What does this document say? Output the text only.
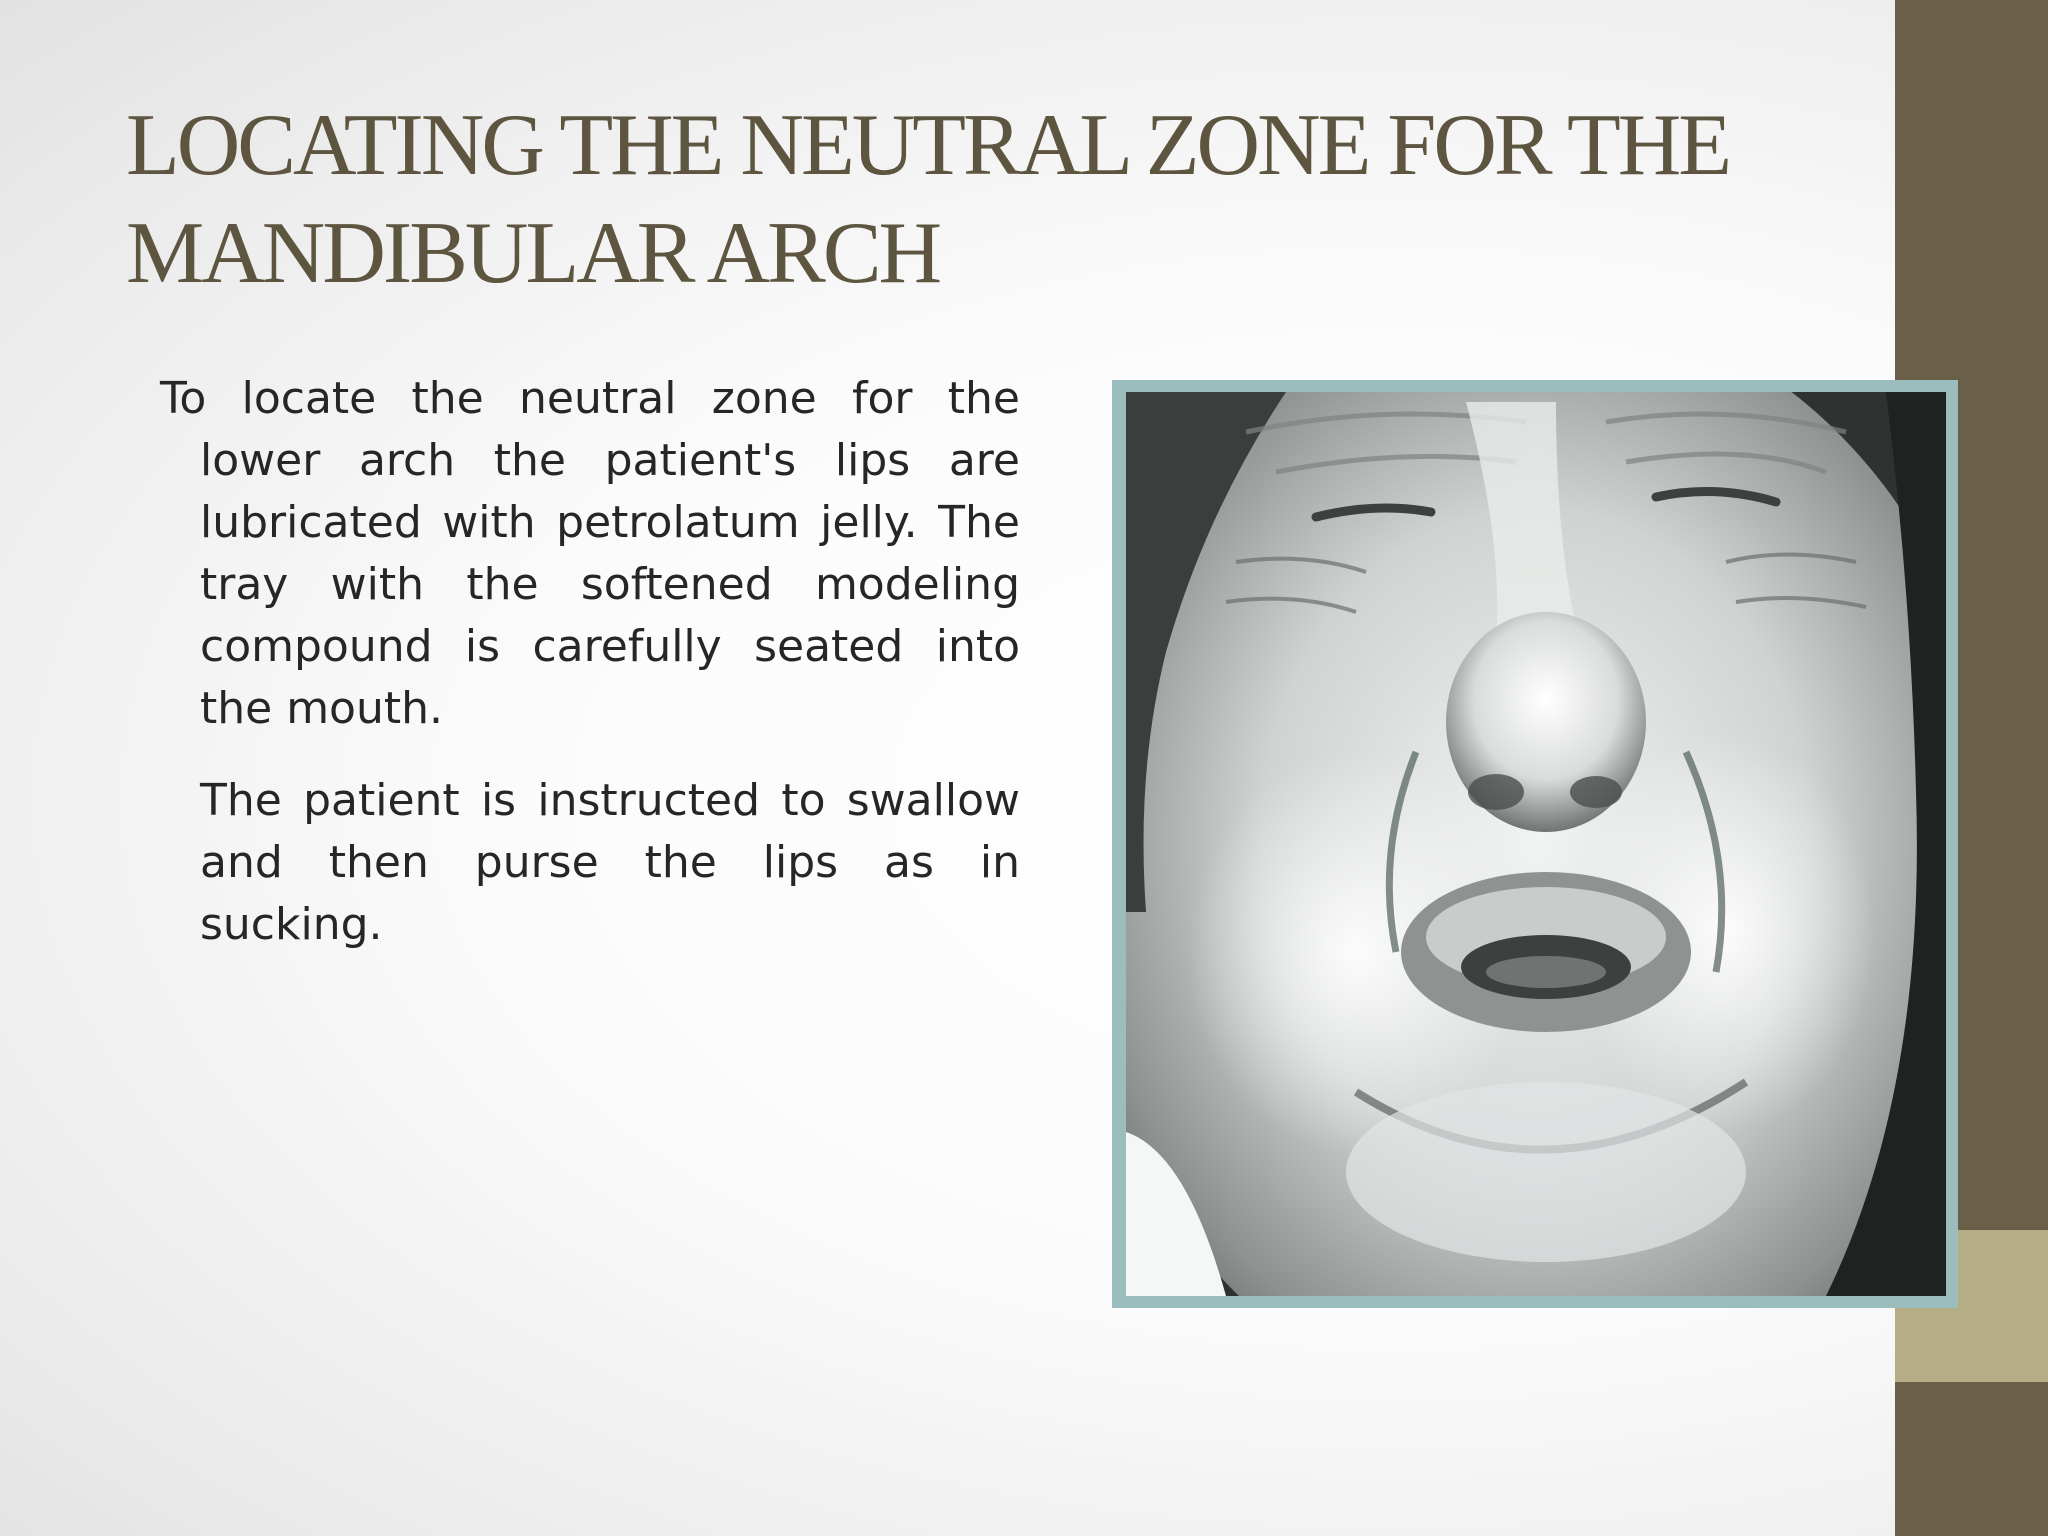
LOCATING THE NEUTRAL ZONE FOR THE MANDIBULAR ARCH

To locate the neutral zone for the lower arch the patient's lips are lubricated with petrolatum jelly. The tray with the softened modeling compound is carefully seated into the mouth.

The patient is instructed to swallow and then purse the lips as in sucking.
